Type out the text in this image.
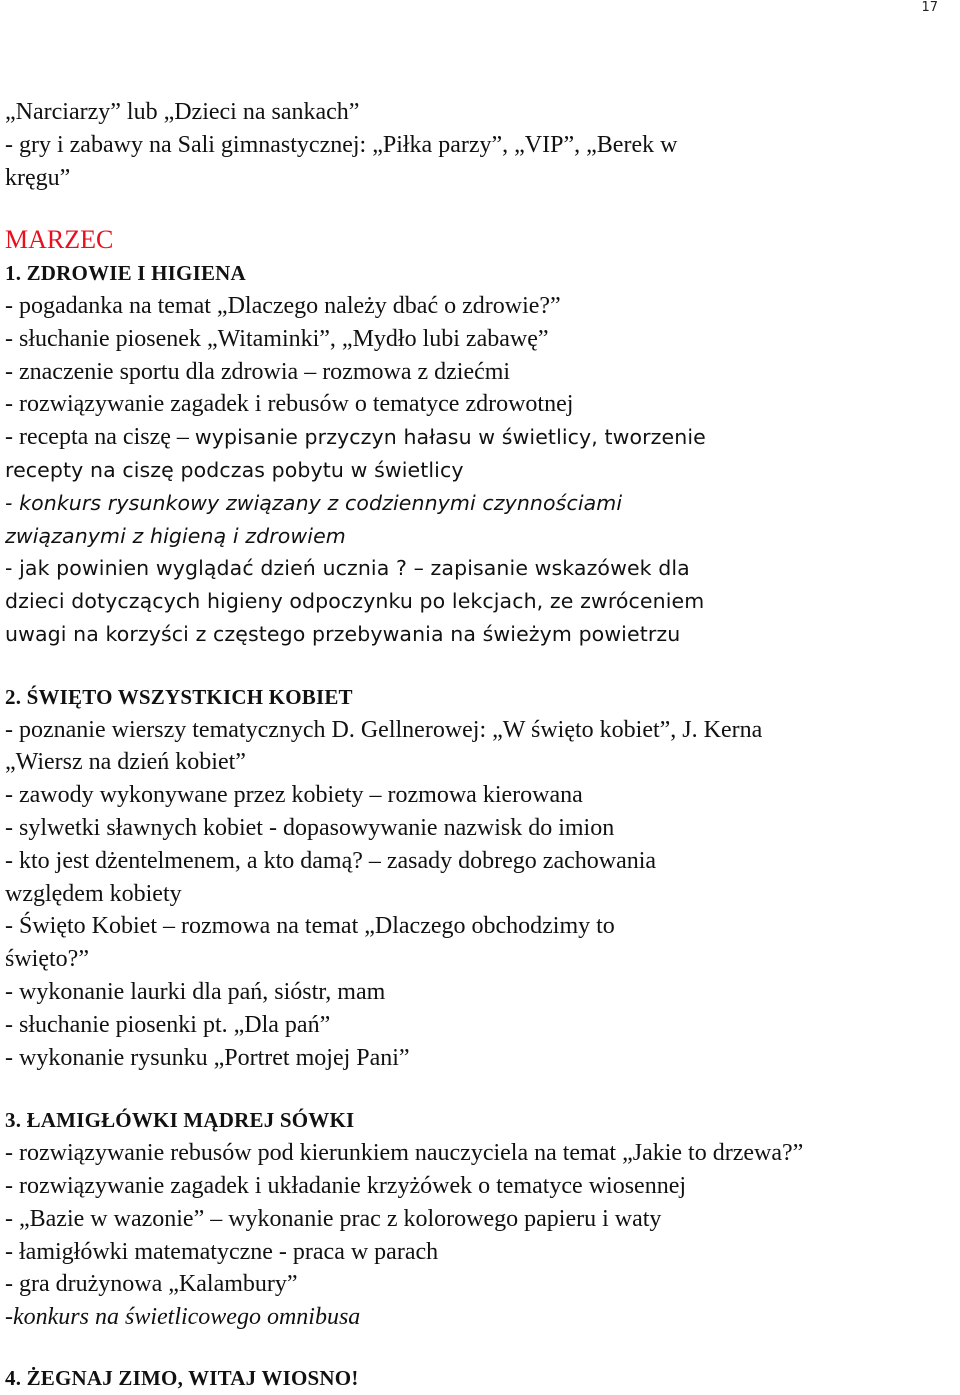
17
„Narciarzy” lub „Dzieci na sankach”
- gry i zabawy na Sali gimnastycznej: „Piłka parzy”, „VIP”, „Berek w
kręgu”
MARZEC
1. ZDROWIE I HIGIENA
- pogadanka na temat „Dlaczego należy dbać o zdrowie?”
- słuchanie piosenek „Witaminki”, „Mydło lubi zabawę”
- znaczenie sportu dla zdrowia – rozmowa z dziećmi
- rozwiązywanie zagadek i rebusów o tematyce zdrowotnej
- recepta na ciszę – wypisanie przyczyn hałasu w świetlicy, tworzenie
recepty na ciszę podczas pobytu w świetlicy
- konkurs rysunkowy związany z codziennymi czynnościami
związanymi z higieną i zdrowiem
- jak powinien wyglądać dzień ucznia ? – zapisanie wskazówek dla
dzieci dotyczących higieny odpoczynku po lekcjach, ze zwróceniem
uwagi na korzyści z częstego przebywania na świeżym powietrzu
2. ŚWIĘTO WSZYSTKICH KOBIET
- poznanie wierszy tematycznych D. Gellnerowej: „W święto kobiet”, J. Kerna
„Wiersz na dzień kobiet”
- zawody wykonywane przez kobiety – rozmowa kierowana
- sylwetki sławnych kobiet - dopasowywanie nazwisk do imion
- kto jest dżentelmenem, a kto damą? – zasady dobrego zachowania
względem kobiety
- Święto Kobiet – rozmowa na temat „Dlaczego obchodzimy to
święto?”
- wykonanie laurki dla pań, sióstr, mam
- słuchanie piosenki pt. „Dla pań”
- wykonanie rysunku „Portret mojej Pani”
3. ŁAMIGŁÓWKI MĄDREJ SÓWKI
- rozwiązywanie rebusów pod kierunkiem nauczyciela na temat „Jakie to drzewa?”
- rozwiązywanie zagadek i układanie krzyżówek o tematyce wiosennej
- „Bazie w wazonie” – wykonanie prac z kolorowego papieru i waty
- łamigłówki matematyczne - praca w parach
- gra drużynowa „Kalambury”
-konkurs na świetlicowego omnibusa
4. ŻEGNAJ ZIMO, WITAJ WIOSNO!
